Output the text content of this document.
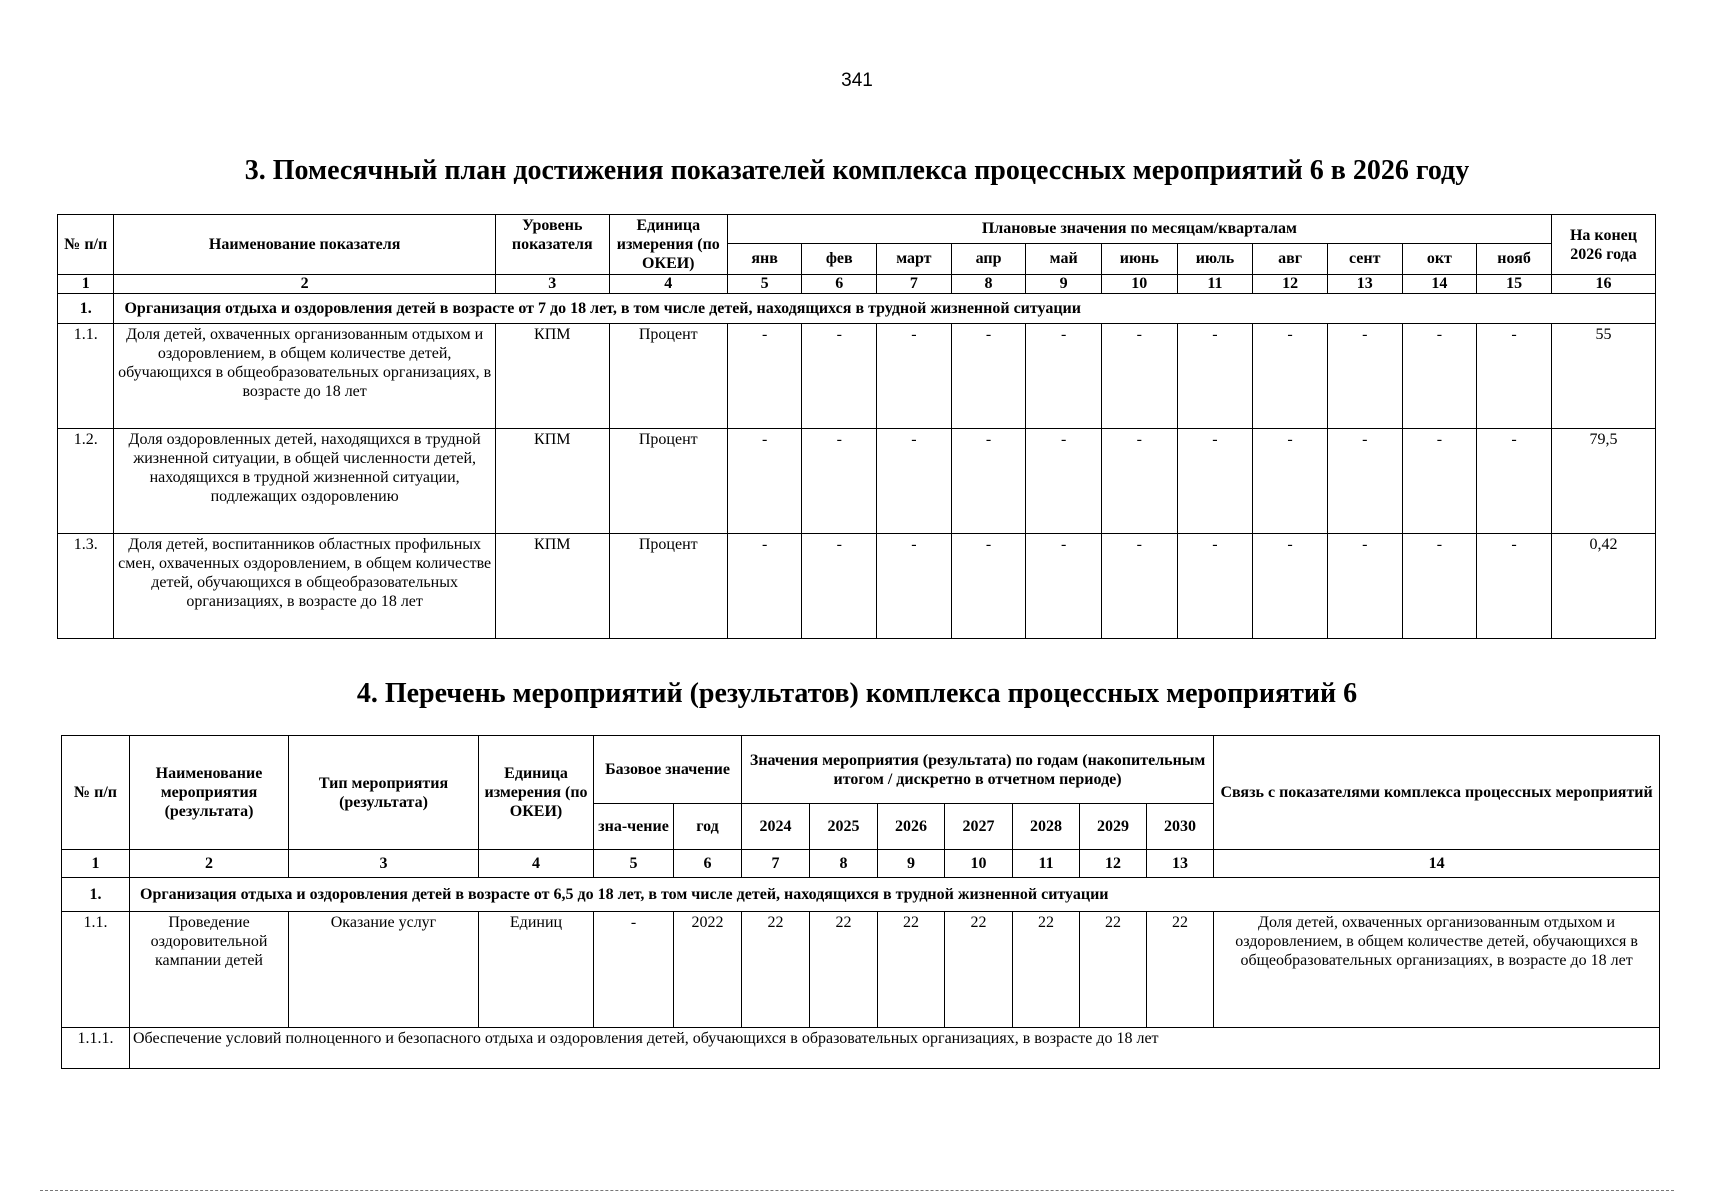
341
3. Помесячный план достижения показателей комплекса процессных мероприятий 6 в 2026 году
№ п/п	Наименование показателя	Уровень показателя	Единица измерения (по ОКЕИ)	Плановые значения по месяцам/кварталам											На конец 2026 года
				янв	фев	март	апр	май	июнь	июль	авг	сент	окт	нояб	
1	2	3	4	5	6	7	8	9	10	11	12	13	14	15	16
1.	Организация отдыха и оздоровления детей в возрасте от 7 до 18 лет, в том числе детей, находящихся в трудной жизненной ситуации														
1.1.	Доля детей, охваченных организованным отдыхом и оздоровлением, в общем количестве детей, обучающихся в общеобразовательных организациях, в возрасте до 18 лет	КПМ	Процент	-	-	-	-	-	-	-	-	-	-	-	55
1.2.	Доля оздоровленных детей, находящихся в трудной жизненной ситуации, в общей численности детей, находящихся в трудной жизненной ситуации, подлежащих оздоровлению	КПМ	Процент	-	-	-	-	-	-	-	-	-	-	-	79,5
1.3.	Доля детей, воспитанников областных профильных смен, охваченных оздоровлением, в общем количестве детей, обучающихся в общеобразовательных организациях, в возрасте до 18 лет	КПМ	Процент	-	-	-	-	-	-	-	-	-	-	-	0,42
4. Перечень мероприятий (результатов) комплекса процессных мероприятий 6
№ п/п	Наименование мероприятия (результата)	Тип мероприятия (результата)	Единица измерения (по ОКЕИ)	Базовое значение		Значения мероприятия (результата) по годам (накопительным итогом / дискретно в отчетном периоде)							Связь с показателями комплекса процессных мероприятий
				зна-чение	год	2024	2025	2026	2027	2028	2029	2030	
1	2	3	4	5	6	7	8	9	10	11	12	13	14
1.	Организация отдыха и оздоровления детей в возрасте от 6,5 до 18 лет, в том числе детей, находящихся в трудной жизненной ситуации												
1.1.	Проведение оздоровительной кампании детей	Оказание услуг	Единиц	-	2022	22	22	22	22	22	22	22	Доля детей, охваченных организованным отдыхом и оздоровлением, в общем количестве детей, обучающихся в общеобразовательных организациях, в возрасте до 18 лет
1.1.1.	Обеспечение условий полноценного и безопасного отдыха и оздоровления детей, обучающихся в образовательных организациях, в возрасте до 18 лет												
